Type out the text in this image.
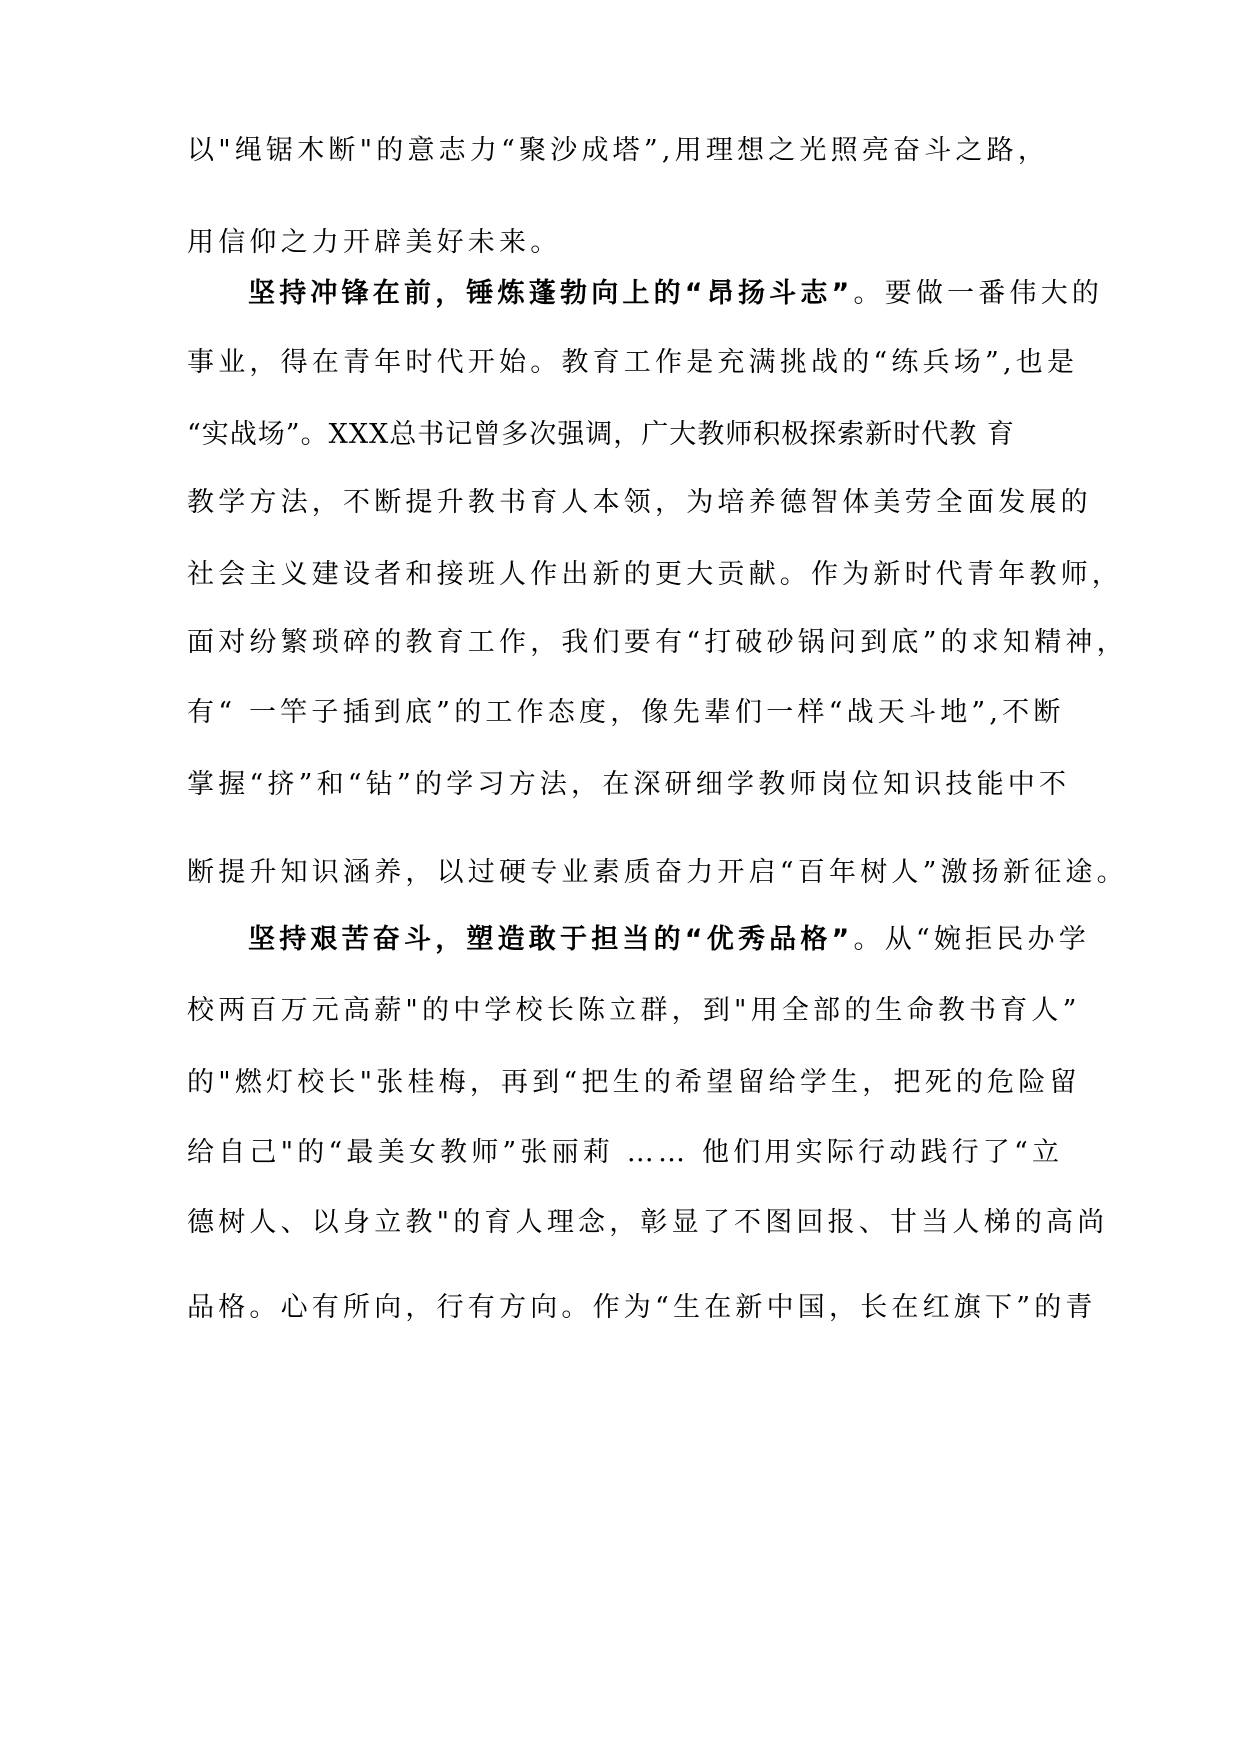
以"绳锯木断"的意志力“聚沙成塔”,用理想之光照亮奋斗之路，
用信仰之力开辟美好未来。
坚持冲锋在前，锤炼蓬勃向上的“昂扬斗志”。要做一番伟大的
事业，得在青年时代开始。教育工作是充满挑战的“练兵场”,也是
“实战场”。XXX总书记曾多次强调，广大教师积极探索新时代教 育
教学方法，不断提升教书育人本领，为培养德智体美劳全面发展的
社会主义建设者和接班人作出新的更大贡献。作为新时代青年教师，
面对纷繁琐碎的教育工作，我们要有“打破砂锅问到底”的求知精神，
有“ 一竿子插到底”的工作态度，像先辈们一样“战天斗地”,不断
掌握“挤”和“钻”的学习方法，在深研细学教师岗位知识技能中不
断提升知识涵养，以过硬专业素质奋力开启“百年树人”激扬新征途。
坚持艰苦奋斗，塑造敢于担当的“优秀品格”。从“婉拒民办学
校两百万元高薪"的中学校长陈立群，到"用全部的生命教书育人”
的"燃灯校长"张桂梅，再到“把生的希望留给学生，把死的危险留
给自己"的“最美女教师”张丽莉 …… 他们用实际行动践行了“立
德树人、以身立教"的育人理念，彰显了不图回报、甘当人梯的高尚
品格。心有所向，行有方向。作为“生在新中国，长在红旗下”的青
